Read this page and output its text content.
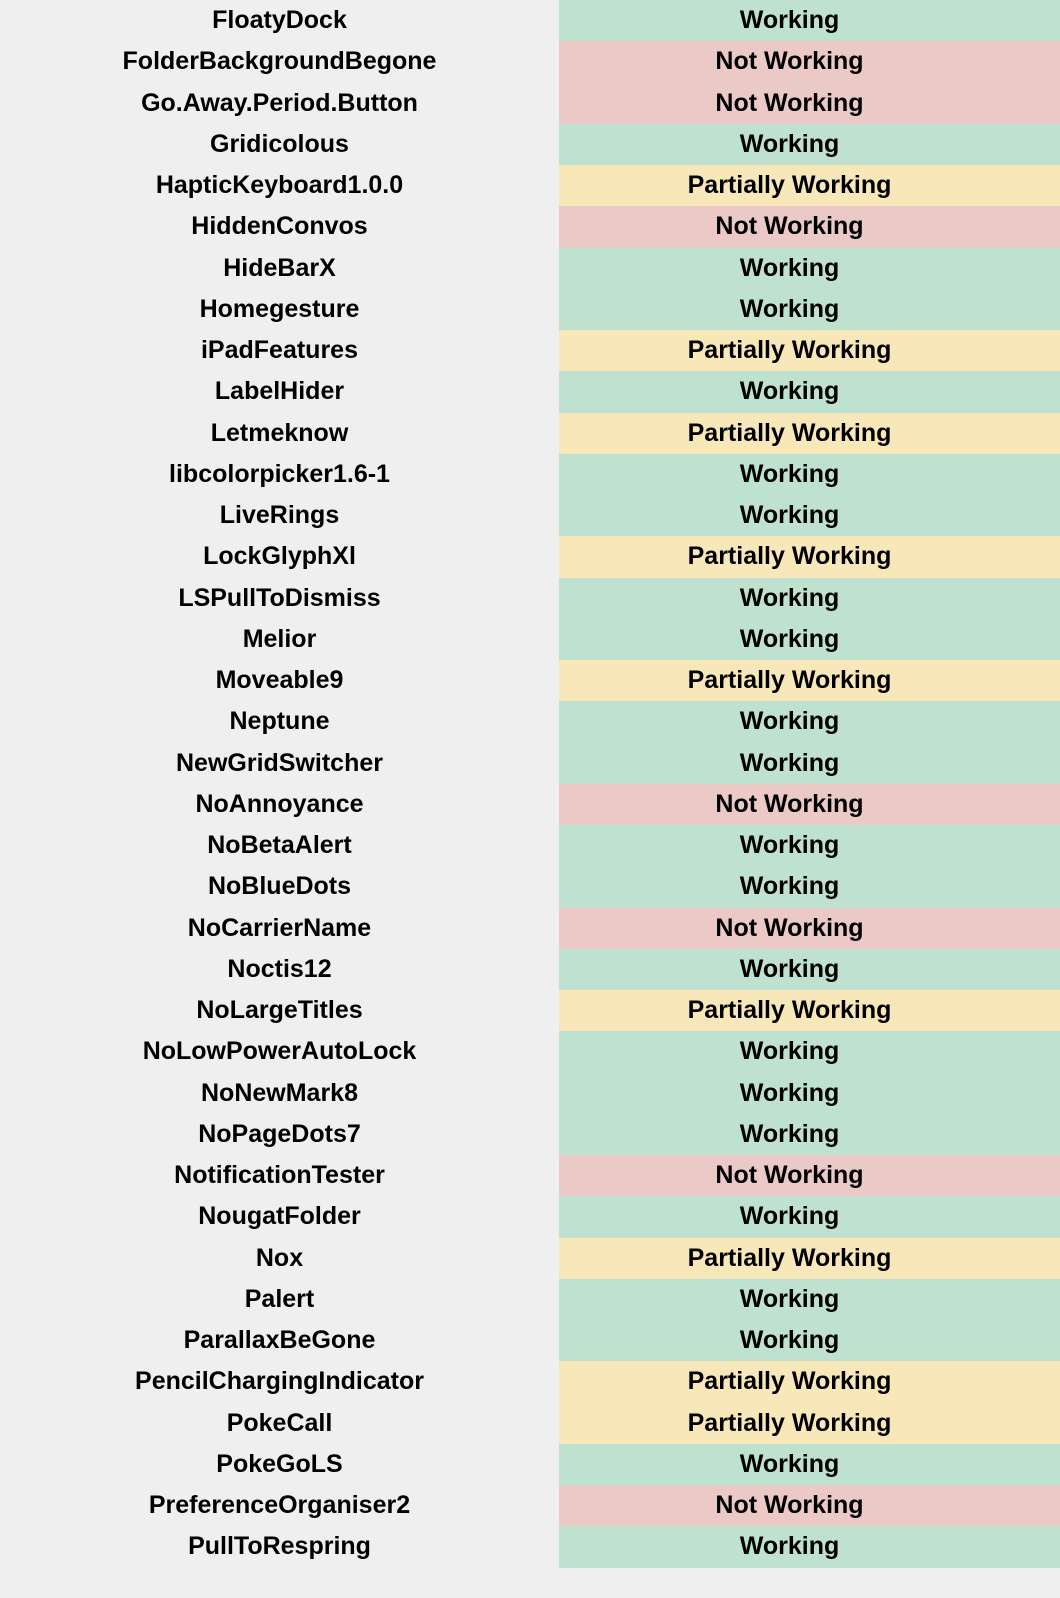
FloatyDock	Working
FolderBackgroundBegone	Not Working
Go.Away.Period.Button	Not Working
Gridicolous	Working
HapticKeyboard1.0.0	Partially Working
HiddenConvos	Not Working
HideBarX	Working
Homegesture	Working
iPadFeatures	Partially Working
LabelHider	Working
Letmeknow	Partially Working
libcolorpicker1.6-1	Working
LiveRings	Working
LockGlyphXl	Partially Working
LSPullToDismiss	Working
Melior	Working
Moveable9	Partially Working
Neptune	Working
NewGridSwitcher	Working
NoAnnoyance	Not Working
NoBetaAlert	Working
NoBlueDots	Working
NoCarrierName	Not Working
Noctis12	Working
NoLargeTitles	Partially Working
NoLowPowerAutoLock	Working
NoNewMark8	Working
NoPageDots7	Working
NotificationTester	Not Working
NougatFolder	Working
Nox	Partially Working
Palert	Working
ParallaxBeGone	Working
PencilChargingIndicator	Partially Working
PokeCall	Partially Working
PokeGoLS	Working
PreferenceOrganiser2	Not Working
PullToRespring	Working
